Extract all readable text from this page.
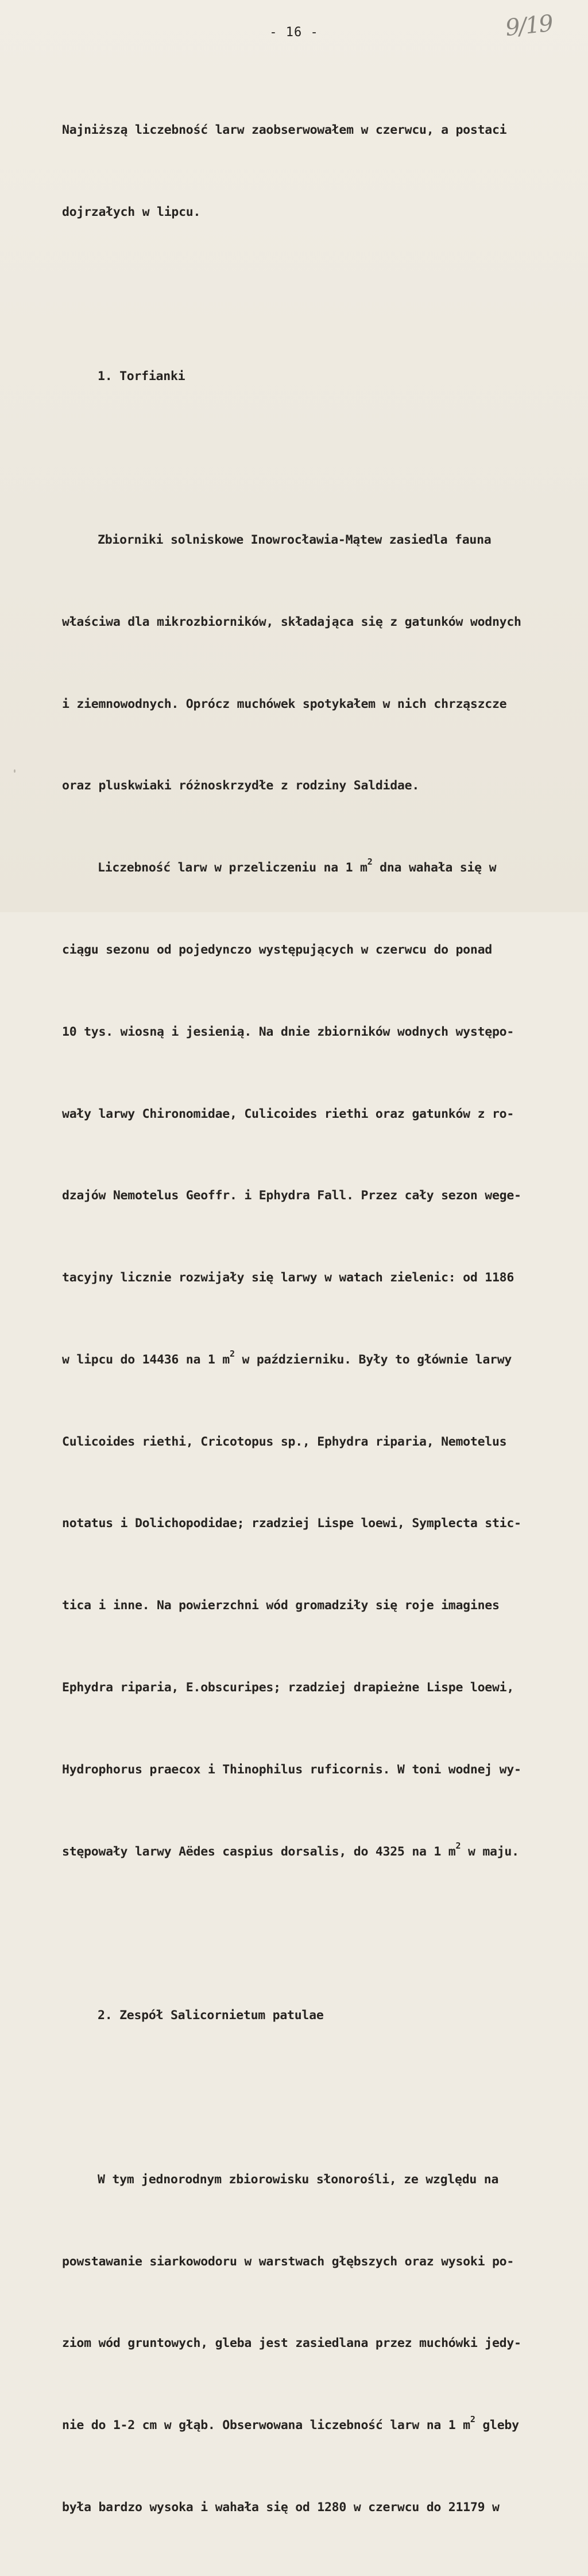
- 16 -	9/19

Najniższą liczebność larw zaobserwowałem w czerwcu, a postaci

dojrzałych w lipcu.

1. Torfianki

Zbiorniki solniskowe Inowrocławia-Mątew zasiedla fauna

właściwa dla mikrozbiorników, składająca się z gatunków wodnych

i ziemnowodnych. Oprócz muchówek spotykałem w nich chrząszcze

oraz pluskwiaki różnoskrzydłe z rodziny Saldidae.

Liczebność larw w przeliczeniu na 1 $m^2$ dna wahała się w

ciągu sezonu od pojedynczo występujących w czerwcu do ponad

10 tys. wiosną i jesienią. Na dnie zbiorników wodnych występo-

wały larwy Chironomidae, Culicoides riethi oraz gatunków z ro-

dzajów Nemotelus Geoffr. i Ephydra Fall. Przez cały sezon wege-

tacyjny licznie rozwijały się larwy w watach zielenic: od 1186

w lipcu do 14436 na 1 $m^2$ w październiku. Były to głównie larwy

Culicoides riethi, Cricotopus sp., Ephydra riparia, Nemotelus

notatus i Dolichopodidae; rzadziej Lispe loewi, Symplecta stic-

tica i inne. Na powierzchni wód gromadziły się roje imagines

Ephydra riparia, E.obscuripes; rzadziej drapieżne Lispe loewi,

Hydrophorus praecox i Thinophilus ruficornis. W toni wodnej wy-

stępowały larwy Aëdes caspius dorsalis, do 4325 na 1 $m^2$ w maju.

2. Zespół Salicornietum patulae

W tym jednorodnym zbiorowisku słonorośli, ze względu na

powstawanie siarkowodoru w warstwach głębszych oraz wysoki po-

ziom wód gruntowych, gleba jest zasiedlana przez muchówki jedy-

nie do 1-2 cm w głąb. Obserwowana liczebność larw na 1 $m^2$ gleby

była bardzo wysoka i wahała się od 1280 w czerwcu do 21179 w
